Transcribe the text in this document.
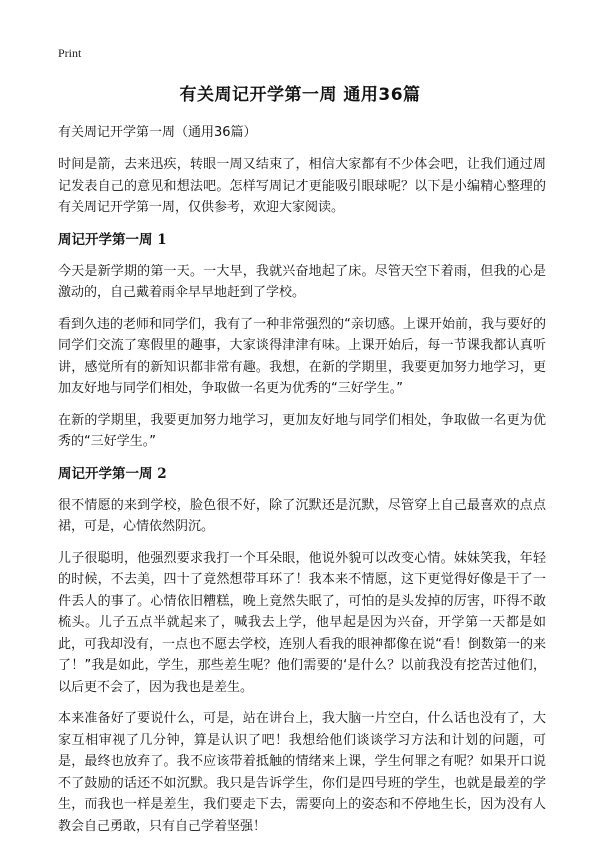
Print
有关周记开学第一周 通用36篇
有关周记开学第一周（通用36篇）

时间是箭，去来迅疾，转眼一周又结束了，相信大家都有不少体会吧，让我们通过周记发表自己的意见和想法吧。怎样写周记才更能吸引眼球呢？以下是小编精心整理的有关周记开学第一周，仅供参考，欢迎大家阅读。

周记开学第一周 1

今天是新学期的第一天。一大早，我就兴奋地起了床。尽管天空下着雨，但我的心是激动的，自己戴着雨伞早早地赶到了学校。

看到久违的老师和同学们，我有了一种非常强烈的“亲切感。上课开始前，我与要好的同学们交流了寒假里的趣事，大家谈得津津有味。上课开始后，每一节课我都认真听讲，感觉所有的新知识都非常有趣。我想，在新的学期里，我要更加努力地学习，更加友好地与同学们相处，争取做一名更为优秀的“三好学生。”

在新的学期里，我要更加努力地学习，更加友好地与同学们相处，争取做一名更为优秀的“三好学生。”

周记开学第一周 2

很不情愿的来到学校，脸色很不好，除了沉默还是沉默，尽管穿上自己最喜欢的点点裙，可是，心情依然阴沉。

儿子很聪明，他强烈要求我打一个耳朵眼，他说外貌可以改变心情。妹妹笑我，年轻的时候，不去美，四十了竟然想带耳环了！我本来不情愿，这下更觉得好像是干了一件丢人的事了。心情依旧糟糕，晚上竟然失眠了，可怕的是头发掉的厉害，吓得不敢梳头。儿子五点半就起来了，喊我去上学，他早起是因为兴奋，开学第一天都是如此，可我却没有，一点也不愿去学校，连别人看我的眼神都像在说“看！倒数第一的来了！”我是如此，学生，那些差生呢？他们需要的‘是什么？以前我没有挖苦过他们，以后更不会了，因为我也是差生。

本来准备好了要说什么，可是，站在讲台上，我大脑一片空白，什么话也没有了，大家互相审视了几分钟，算是认识了吧！我想给他们谈谈学习方法和计划的问题，可是，最终也放弃了。我不应该带着抵触的情绪来上课，学生何罪之有呢？如果开口说不了鼓励的话还不如沉默。我只是告诉学生，你们是四号班的学生，也就是最差的学生，而我也一样是差生，我们要走下去，需要向上的姿态和不停地生长，因为没有人教会自己勇敢，只有自己学着坚强！
